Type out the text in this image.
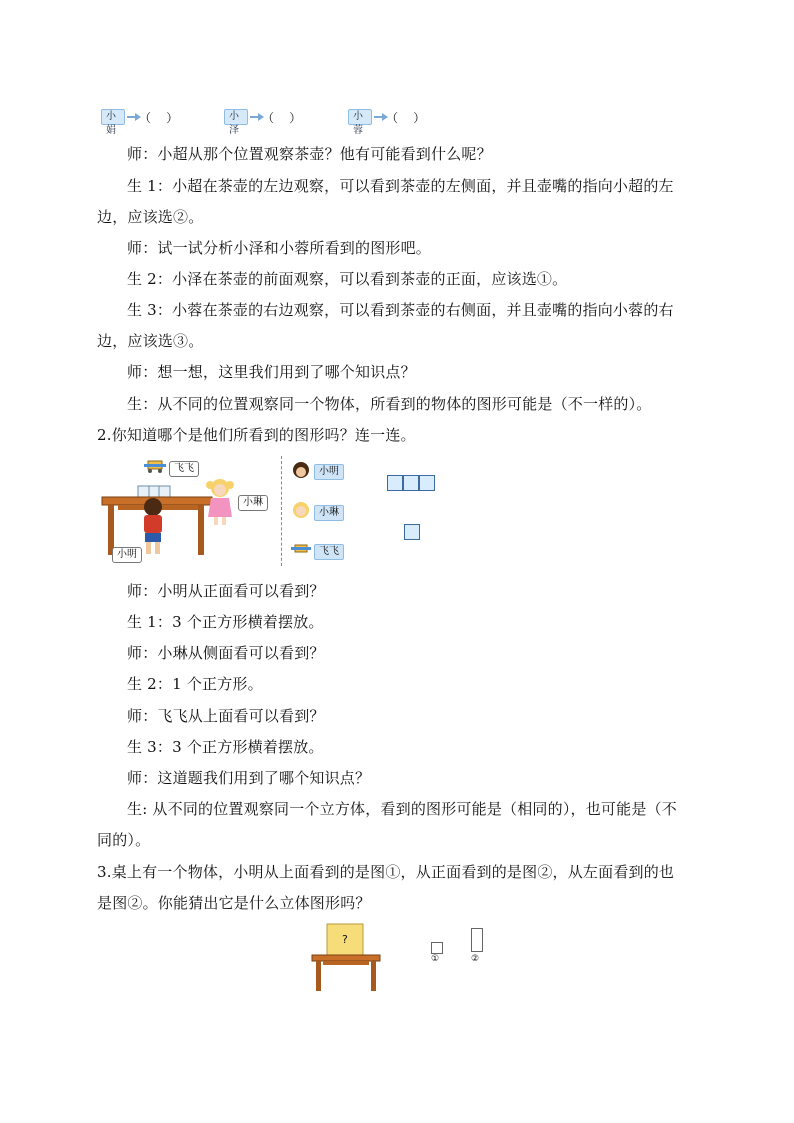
小娟
（    ）	小泽
（    ）	小蓉
（    ）
师：小超从那个位置观察茶壶？他有可能看到什么呢？
生 1：小超在茶壶的左边观察，可以看到茶壶的左侧面，并且壶嘴的指向小超的左
边，应该选②。
师：试一试分析小泽和小蓉所看到的图形吧。
生 2：小泽在茶壶的前面观察，可以看到茶壶的正面，应该选①。
生 3：小蓉在茶壶的右边观察，可以看到茶壶的右侧面，并且壶嘴的指向小蓉的右
边，应该选③。
师：想一想，这里我们用到了哪个知识点？
生：从不同的位置观察同一个物体，所看到的物体的图形可能是（不一样的）。
2.你知道哪个是他们所看到的图形吗？连一连。
飞飞
小琳
小明
小明
小琳
飞飞
师：小明从正面看可以看到？
生 1：3 个正方形横着摆放。
师：小琳从侧面看可以看到？
生 2：1 个正方形。
师：飞飞从上面看可以看到？
生 3：3 个正方形横着摆放。
师：这道题我们用到了哪个知识点？
生: 从不同的位置观察同一个立方体，看到的图形可能是（相同的），也可能是（不
同的）。
3.桌上有一个物体，小明从上面看到的是图①，从正面看到的是图②，从左面看到的也
是图②。你能猜出它是什么立体图形吗？
?
①	②
